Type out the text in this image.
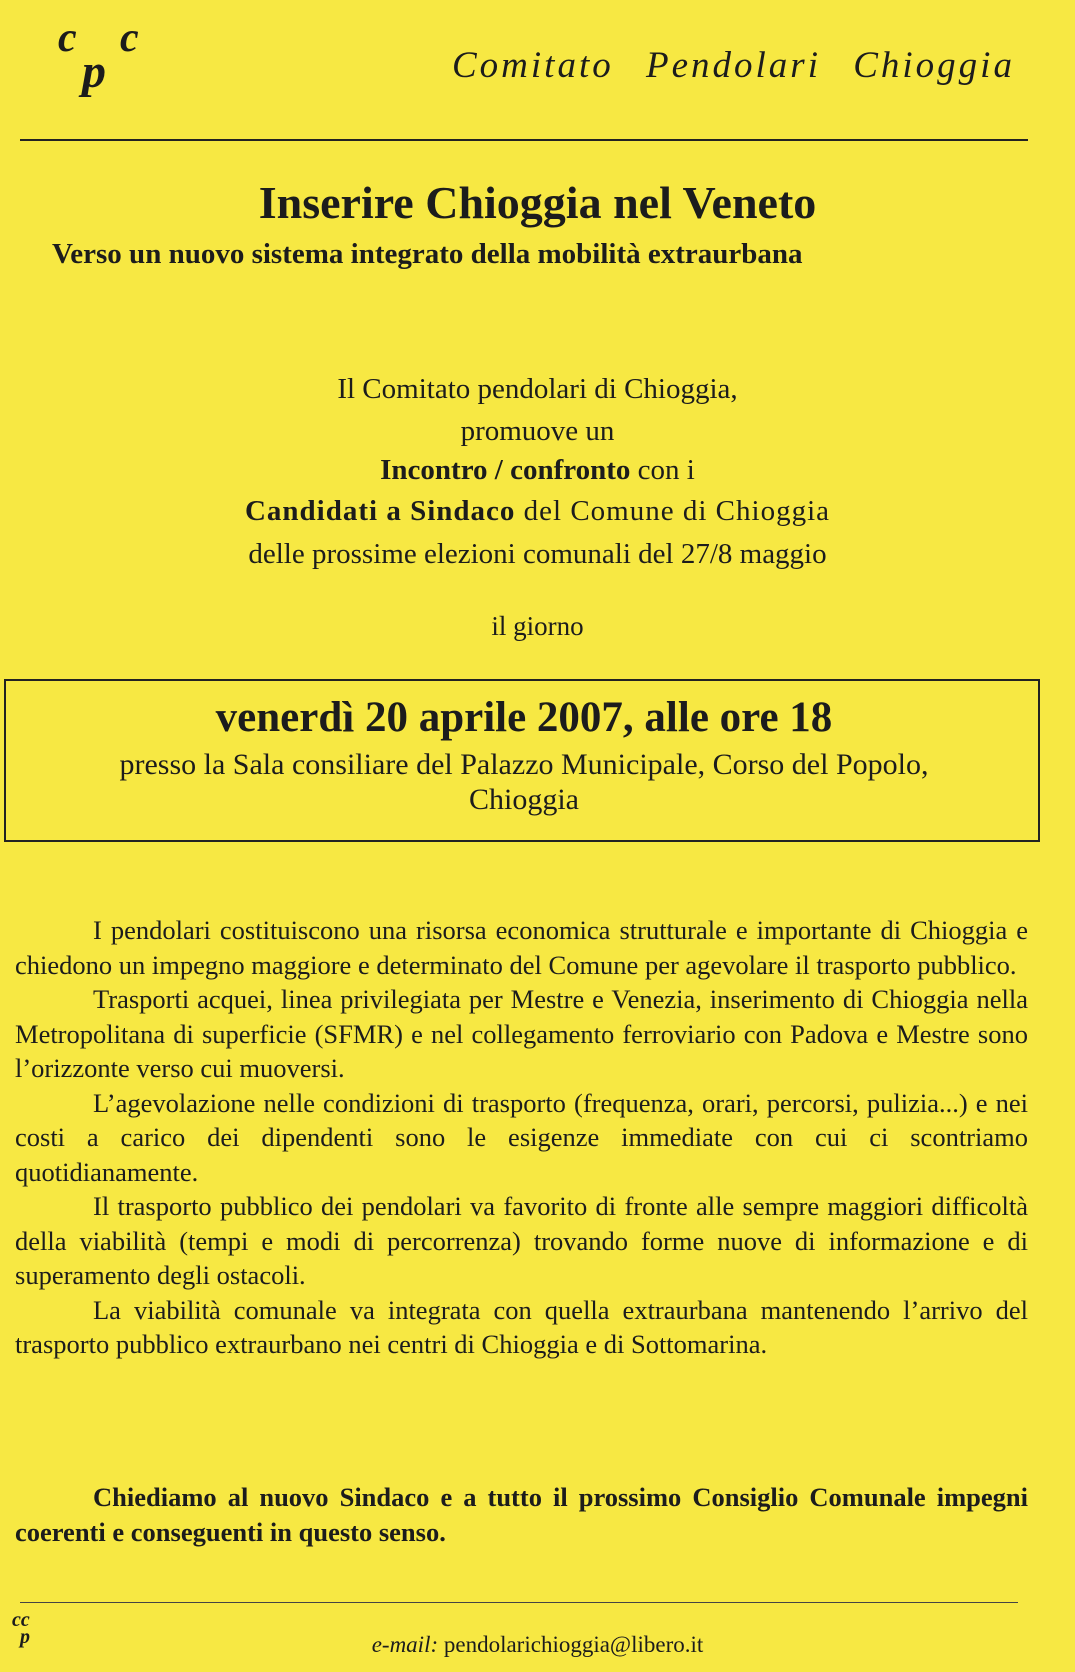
c c
p	Comitato Pendolari Chioggia
Inserire Chioggia nel Veneto
Verso un nuovo sistema integrato della mobilità extraurbana
Il Comitato pendolari di Chioggia,
promuove un
Incontro / confronto con i
Candidati a Sindaco del Comune di Chioggia
delle prossime elezioni comunali del 27/8 maggio
il giorno
venerdì 20 aprile 2007, alle ore 18
presso la Sala consiliare del Palazzo Municipale, Corso del Popolo,
Chioggia

I pendolari costituiscono una risorsa economica strutturale e importante di Chioggia e chiedono un impegno maggiore e determinato del Comune per agevolare il trasporto pubblico.

Trasporti acquei, linea privilegiata per Mestre e Venezia, inserimento di Chioggia nella Metropolitana di superficie (SFMR) e nel collegamento ferroviario con Padova e Mestre sono l’orizzonte verso cui muoversi.

L’agevolazione nelle condizioni di trasporto (frequenza, orari, percorsi, pulizia...) e nei costi a carico dei dipendenti sono le esigenze immediate con cui ci scontriamo quotidianamente.

Il trasporto pubblico dei pendolari va favorito di fronte alle sempre maggiori difficoltà della viabilità (tempi e modi di percorrenza) trovando forme nuove di informazione e di superamento degli ostacoli.

La viabilità comunale va integrata con quella extraurbana mantenendo l’arrivo del trasporto pubblico extraurbano nei centri di Chioggia e di Sottomarina.

Chiediamo al nuovo Sindaco e a tutto il prossimo Consiglio Comunale impegni coerenti e conseguenti in questo senso.
cc
p	e-mail: pendolarichioggia@libero.it
